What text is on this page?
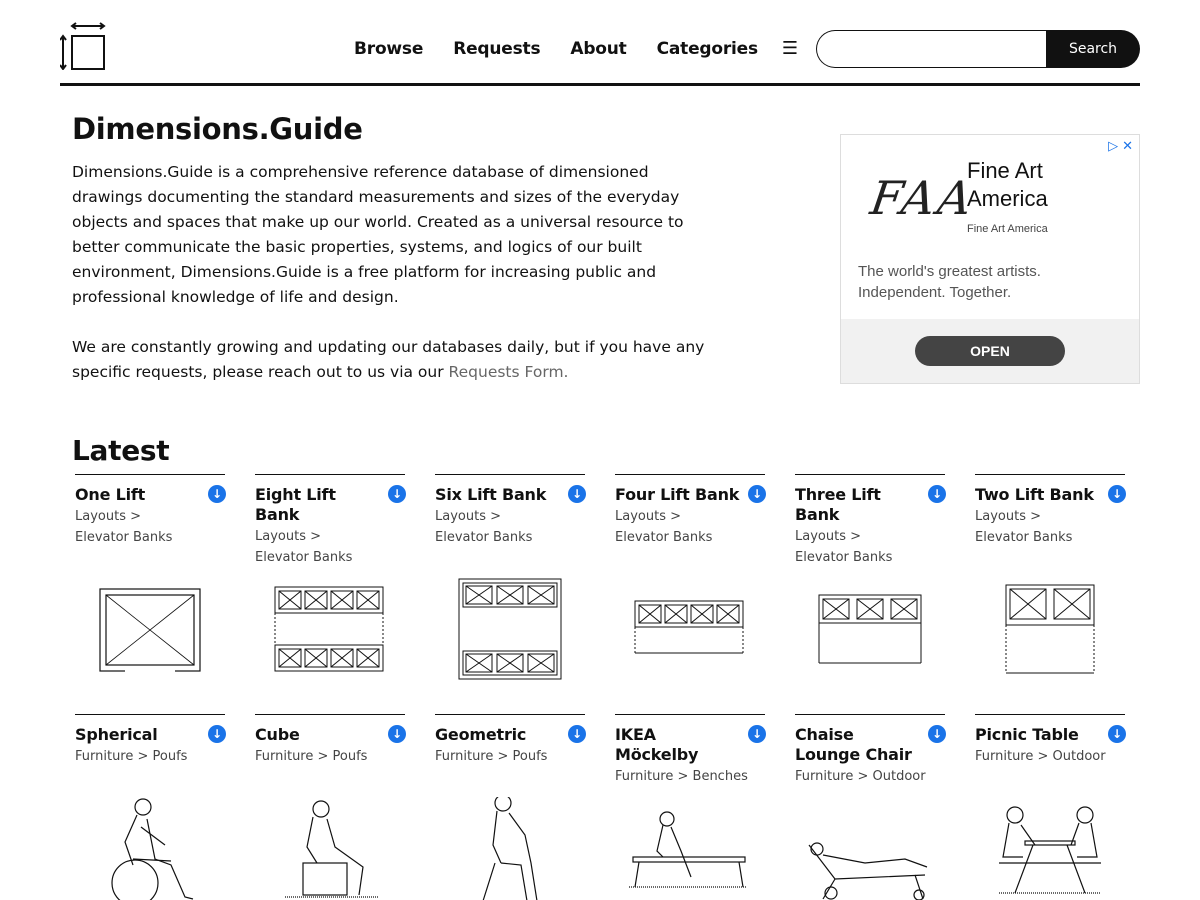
Browse Requests About Categories ☰	Search
Dimensions.Guide

Dimensions.Guide is a comprehensive reference database of dimensioned drawings documenting the standard measurements and sizes of the everyday objects and spaces that make up our world. Created as a universal resource to better communicate the basic properties, systems, and logics of our built environment, Dimensions.Guide is a free platform for increasing public and professional knowledge of life and design.

We are constantly growing and updating our databases daily, but if you have any specific requests, please reach out to us via our Requests Form.

▷ ✕
FAA
Fine Art America
Fine Art America
The world's greatest artists. Independent. Together.
OPEN
Latest
One Lift	↓
Layouts >
Elevator Banks
Eight Lift Bank
↓
Layouts >
Elevator Banks
Six Lift Bank	↓
Layouts >
Elevator Banks
Four Lift Bank	↓
Layouts >
Elevator Banks
Three Lift Bank
↓
Layouts >
Elevator Banks
Two Lift Bank	↓
Layouts >
Elevator Banks
Spherical	↓
Furniture > Poufs
Cube	↓
Furniture > Poufs
Geometric	↓
Furniture > Poufs
IKEA Möckelby
↓
Furniture > Benches
Chaise Lounge Chair
↓
Furniture > Outdoor
Picnic Table	↓
Furniture > Outdoor
